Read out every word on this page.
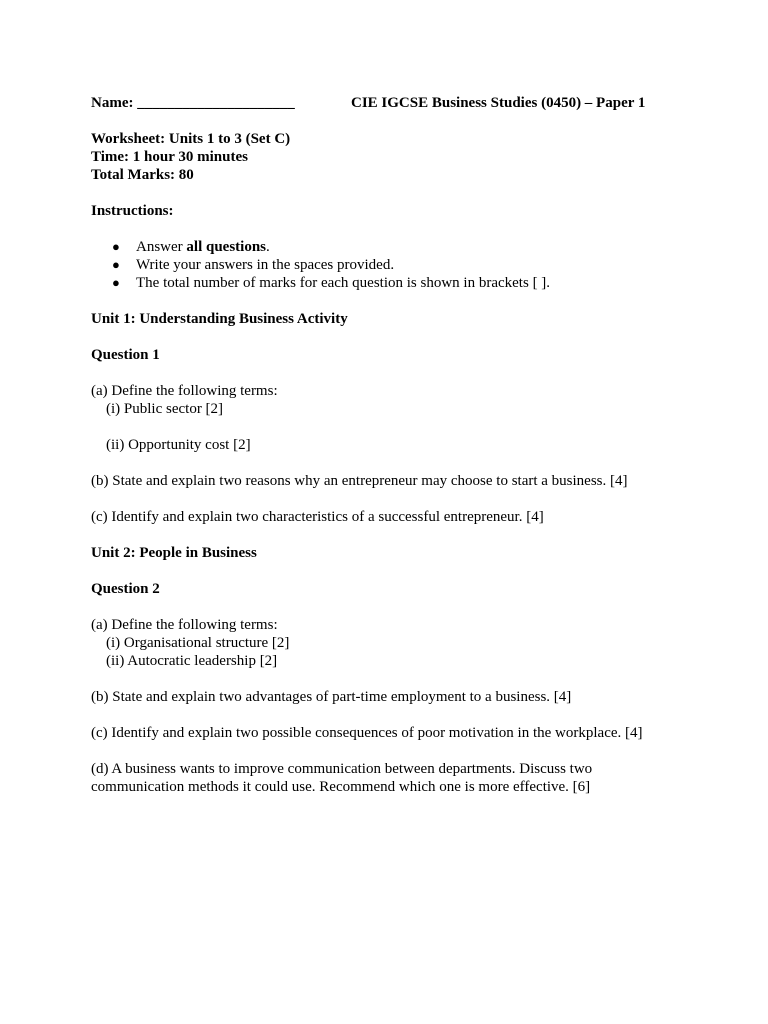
Name: _____________________	CIE IGCSE Business Studies (0450) – Paper 1

Worksheet: Units 1 to 3 (Set C)

Time: 1 hour 30 minutes

Total Marks: 80

Instructions:

● Answer all questions.
● Write your answers in the spaces provided.
● The total number of marks for each question is shown in brackets [ ].

Unit 1: Understanding Business Activity

Question 1

(a) Define the following terms:

(i) Public sector [2]

(ii) Opportunity cost [2]

(b) State and explain two reasons why an entrepreneur may choose to start a business. [4]

(c) Identify and explain two characteristics of a successful entrepreneur. [4]

Unit 2: People in Business

Question 2

(a) Define the following terms:

(i) Organisational structure [2]

(ii) Autocratic leadership [2]

(b) State and explain two advantages of part-time employment to a business. [4]

(c) Identify and explain two possible consequences of poor motivation in the workplace. [4]

(d) A business wants to improve communication between departments. Discuss two

communication methods it could use. Recommend which one is more effective. [6]
